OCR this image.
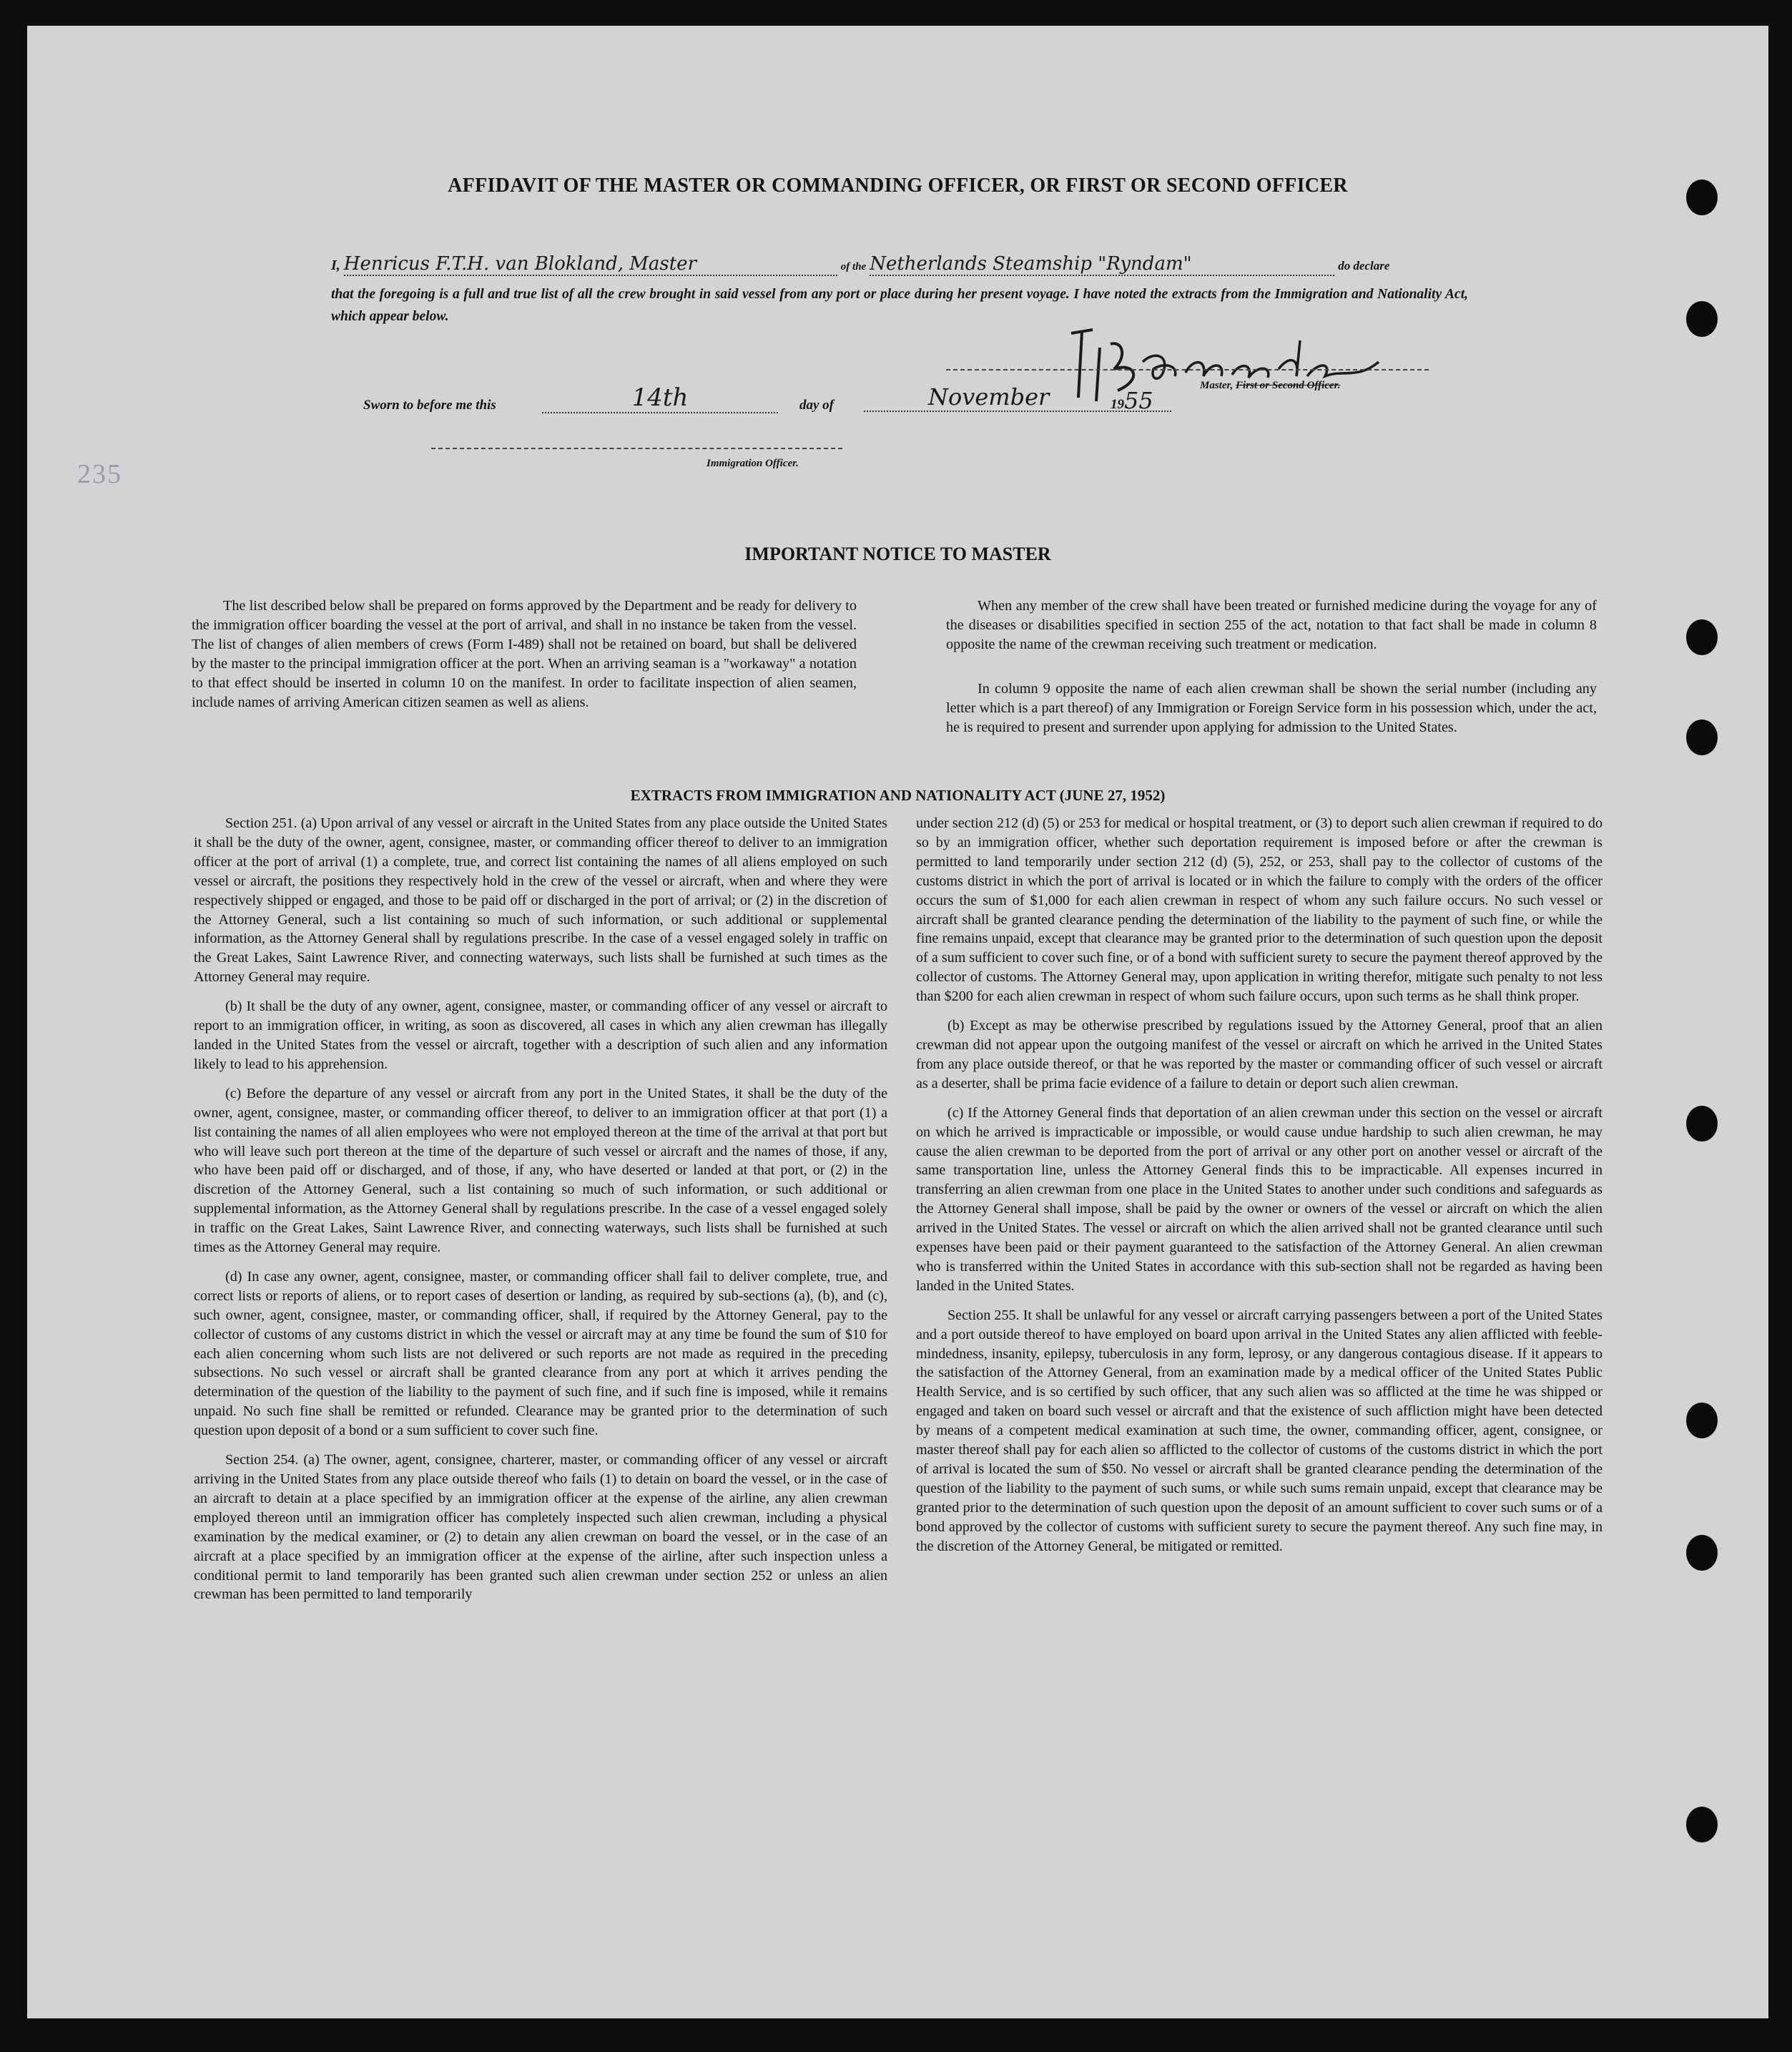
235
AFFIDAVIT OF THE MASTER OR COMMANDING OFFICER, OR FIRST OR SECOND OFFICER
I, Henricus F.T.H. van Blokland, Master	of the Netherlands Steamship "Ryndam"	do declare
that the foregoing is a full and true list of all the crew brought in said vessel from any port or place during her present voyage. I have noted the extracts from the Immigration and Nationality Act, which appear below.
Master, First or Second Officer.
Sworn to before me this	14th	day of	November	1955
Immigration Officer.
IMPORTANT NOTICE TO MASTER

The list described below shall be prepared on forms approved by the Department and be ready for delivery to the immigration officer boarding the vessel at the port of arrival, and shall in no instance be taken from the vessel. The list of changes of alien members of crews (Form I-489) shall not be retained on board, but shall be delivered by the master to the principal immigration officer at the port. When an arriving seaman is a "workaway" a notation to that effect should be inserted in column 10 on the manifest. In order to facilitate inspection of alien seamen, include names of arriving American citizen seamen as well as aliens.

When any member of the crew shall have been treated or furnished medicine during the voyage for any of the diseases or disabilities specified in section 255 of the act, notation to that fact shall be made in column 8 opposite the name of the crewman receiving such treatment or medication.

In column 9 opposite the name of each alien crewman shall be shown the serial number (including any letter which is a part thereof) of any Immigration or Foreign Service form in his possession which, under the act, he is required to present and surrender upon applying for admission to the United States.

EXTRACTS FROM IMMIGRATION AND NATIONALITY ACT (JUNE 27, 1952)

Section 251. (a) Upon arrival of any vessel or aircraft in the United States from any place outside the United States it shall be the duty of the owner, agent, consignee, master, or commanding officer thereof to deliver to an immigration officer at the port of arrival (1) a complete, true, and correct list containing the names of all aliens employed on such vessel or aircraft, the positions they respectively hold in the crew of the vessel or aircraft, when and where they were respectively shipped or engaged, and those to be paid off or discharged in the port of arrival; or (2) in the discretion of the Attorney General, such a list containing so much of such information, or such additional or supplemental information, as the Attorney General shall by regulations prescribe. In the case of a vessel engaged solely in traffic on the Great Lakes, Saint Lawrence River, and connecting waterways, such lists shall be furnished at such times as the Attorney General may require.

(b) It shall be the duty of any owner, agent, consignee, master, or commanding officer of any vessel or aircraft to report to an immigration officer, in writing, as soon as discovered, all cases in which any alien crewman has illegally landed in the United States from the vessel or aircraft, together with a description of such alien and any information likely to lead to his apprehension.

(c) Before the departure of any vessel or aircraft from any port in the United States, it shall be the duty of the owner, agent, consignee, master, or commanding officer thereof, to deliver to an immigration officer at that port (1) a list containing the names of all alien employees who were not employed thereon at the time of the arrival at that port but who will leave such port thereon at the time of the departure of such vessel or aircraft and the names of those, if any, who have been paid off or discharged, and of those, if any, who have deserted or landed at that port, or (2) in the discretion of the Attorney General, such a list containing so much of such information, or such additional or supplemental information, as the Attorney General shall by regulations prescribe. In the case of a vessel engaged solely in traffic on the Great Lakes, Saint Lawrence River, and connecting waterways, such lists shall be furnished at such times as the Attorney General may require.

(d) In case any owner, agent, consignee, master, or commanding officer shall fail to deliver complete, true, and correct lists or reports of aliens, or to report cases of desertion or landing, as required by sub-sections (a), (b), and (c), such owner, agent, consignee, master, or commanding officer, shall, if required by the Attorney General, pay to the collector of customs of any customs district in which the vessel or aircraft may at any time be found the sum of $10 for each alien concerning whom such lists are not delivered or such reports are not made as required in the preceding subsections. No such vessel or aircraft shall be granted clearance from any port at which it arrives pending the determination of the question of the liability to the payment of such fine, and if such fine is imposed, while it remains unpaid. No such fine shall be remitted or refunded. Clearance may be granted prior to the determination of such question upon deposit of a bond or a sum sufficient to cover such fine.

Section 254. (a) The owner, agent, consignee, charterer, master, or commanding officer of any vessel or aircraft arriving in the United States from any place outside thereof who fails (1) to detain on board the vessel, or in the case of an aircraft to detain at a place specified by an immigration officer at the expense of the airline, any alien crewman employed thereon until an immigration officer has completely inspected such alien crewman, including a physical examination by the medical examiner, or (2) to detain any alien crewman on board the vessel, or in the case of an aircraft at a place specified by an immigration officer at the expense of the airline, after such inspection unless a conditional permit to land temporarily has been granted such alien crewman under section 252 or unless an alien crewman has been permitted to land temporarily

under section 212 (d) (5) or 253 for medical or hospital treatment, or (3) to deport such alien crewman if required to do so by an immigration officer, whether such deportation requirement is imposed before or after the crewman is permitted to land temporarily under section 212 (d) (5), 252, or 253, shall pay to the collector of customs of the customs district in which the port of arrival is located or in which the failure to comply with the orders of the officer occurs the sum of $1,000 for each alien crewman in respect of whom any such failure occurs. No such vessel or aircraft shall be granted clearance pending the determination of the liability to the payment of such fine, or while the fine remains unpaid, except that clearance may be granted prior to the determination of such question upon the deposit of a sum sufficient to cover such fine, or of a bond with sufficient surety to secure the payment thereof approved by the collector of customs. The Attorney General may, upon application in writing therefor, mitigate such penalty to not less than $200 for each alien crewman in respect of whom such failure occurs, upon such terms as he shall think proper.

(b) Except as may be otherwise prescribed by regulations issued by the Attorney General, proof that an alien crewman did not appear upon the outgoing manifest of the vessel or aircraft on which he arrived in the United States from any place outside thereof, or that he was reported by the master or commanding officer of such vessel or aircraft as a deserter, shall be prima facie evidence of a failure to detain or deport such alien crewman.

(c) If the Attorney General finds that deportation of an alien crewman under this section on the vessel or aircraft on which he arrived is impracticable or impossible, or would cause undue hardship to such alien crewman, he may cause the alien crewman to be deported from the port of arrival or any other port on another vessel or aircraft of the same transportation line, unless the Attorney General finds this to be impracticable. All expenses incurred in transferring an alien crewman from one place in the United States to another under such conditions and safeguards as the Attorney General shall impose, shall be paid by the owner or owners of the vessel or aircraft on which the alien arrived in the United States. The vessel or aircraft on which the alien arrived shall not be granted clearance until such expenses have been paid or their payment guaranteed to the satisfaction of the Attorney General. An alien crewman who is transferred within the United States in accordance with this sub-section shall not be regarded as having been landed in the United States.

Section 255. It shall be unlawful for any vessel or aircraft carrying passengers between a port of the United States and a port outside thereof to have employed on board upon arrival in the United States any alien afflicted with feeble-mindedness, insanity, epilepsy, tuberculosis in any form, leprosy, or any dangerous contagious disease. If it appears to the satisfaction of the Attorney General, from an examination made by a medical officer of the United States Public Health Service, and is so certified by such officer, that any such alien was so afflicted at the time he was shipped or engaged and taken on board such vessel or aircraft and that the existence of such affliction might have been detected by means of a competent medical examination at such time, the owner, commanding officer, agent, consignee, or master thereof shall pay for each alien so afflicted to the collector of customs of the customs district in which the port of arrival is located the sum of $50. No vessel or aircraft shall be granted clearance pending the determination of the question of the liability to the payment of such sums, or while such sums remain unpaid, except that clearance may be granted prior to the determination of such question upon the deposit of an amount sufficient to cover such sums or of a bond approved by the collector of customs with sufficient surety to secure the payment thereof. Any such fine may, in the discretion of the Attorney General, be mitigated or remitted.
